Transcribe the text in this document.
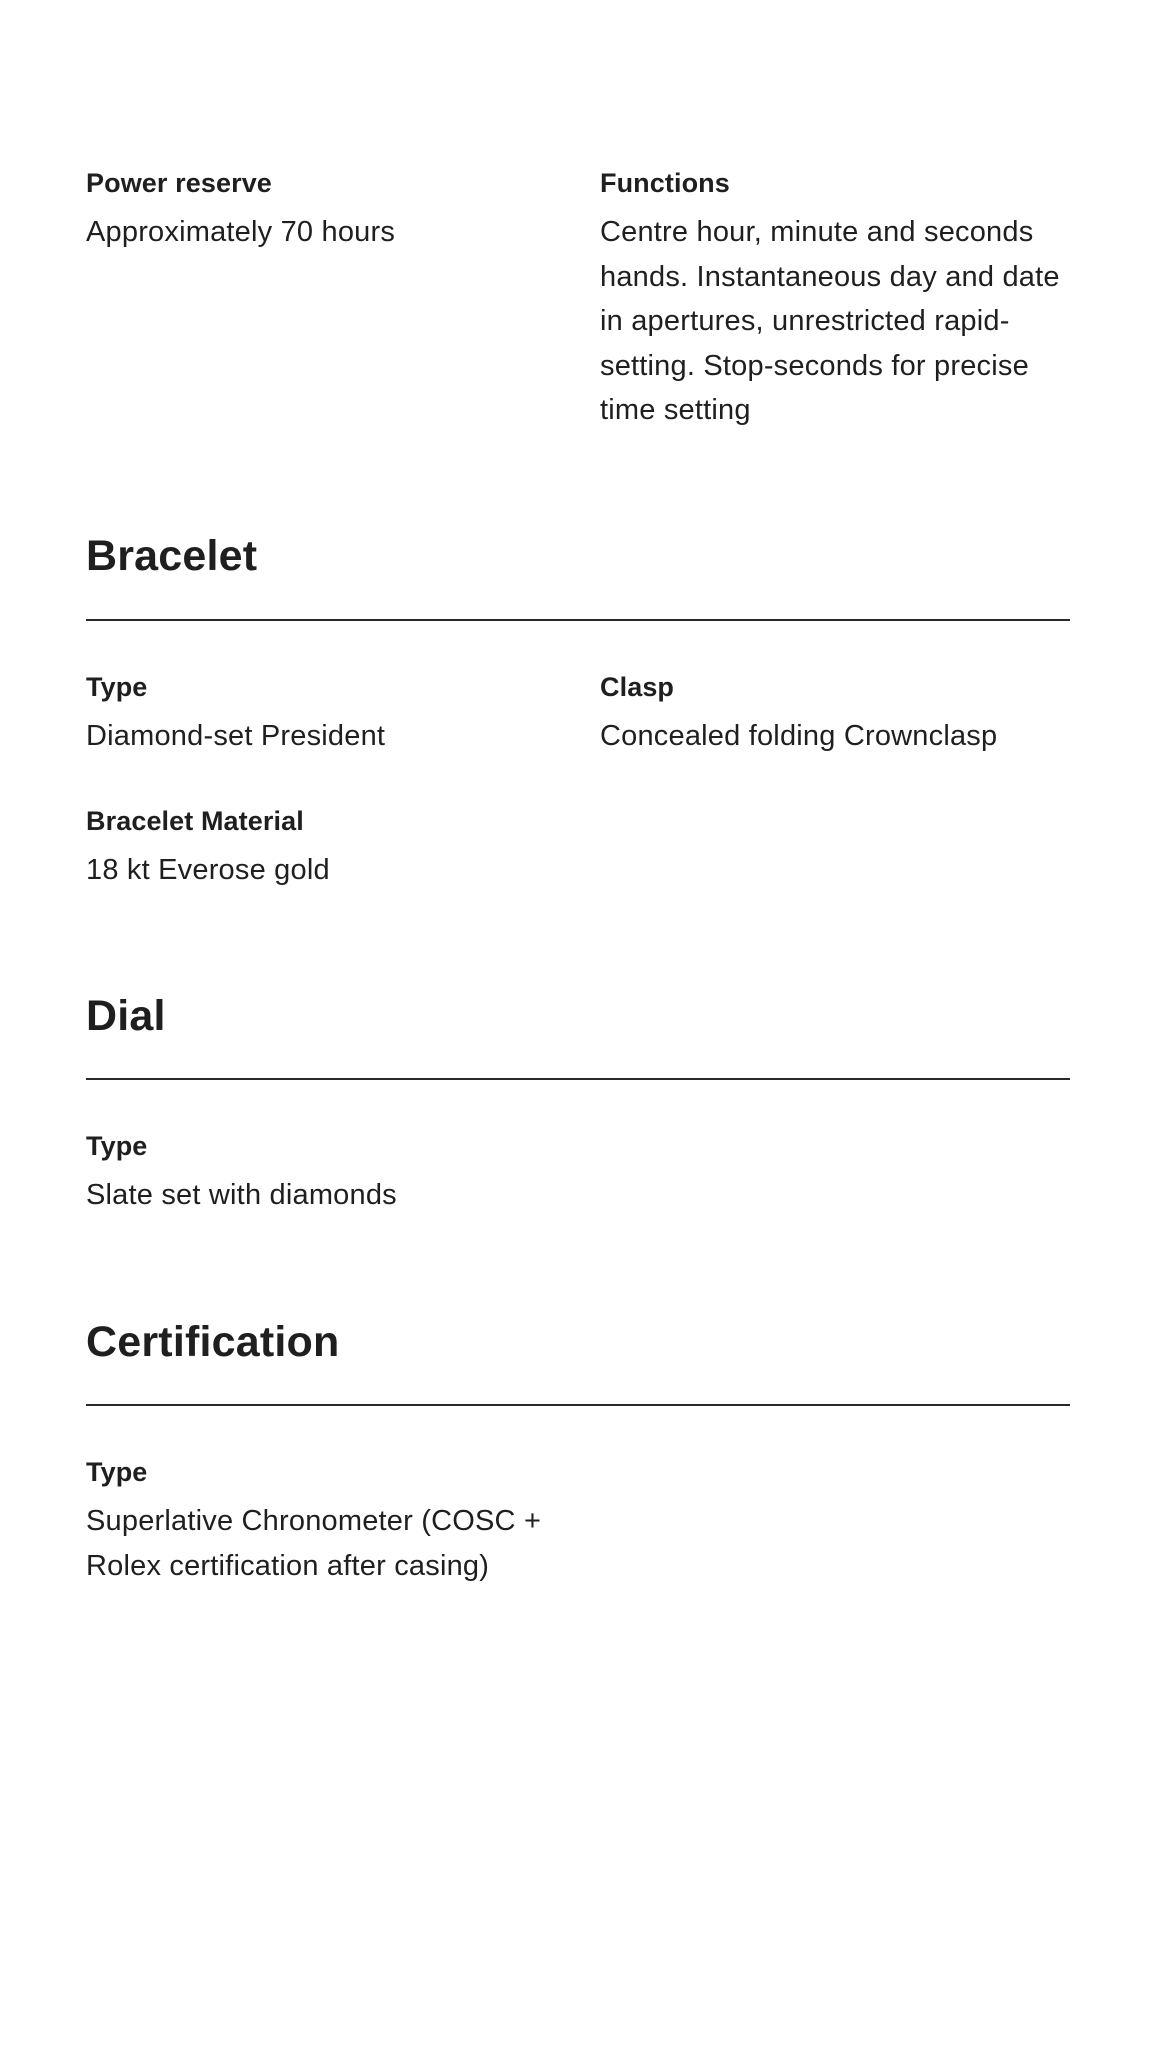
Power reserve

Approximately 70 hours

Functions

Centre hour, minute and seconds hands. Instantaneous day and date in apertures, unrestricted rapid-setting. Stop-seconds for precise time setting

Bracelet

Type

Diamond-set President

Clasp

Concealed folding Crownclasp

Bracelet Material

18 kt Everose gold

Dial

Type

Slate set with diamonds

Certification

Type

Superlative Chronometer (COSC + Rolex certification after casing)
